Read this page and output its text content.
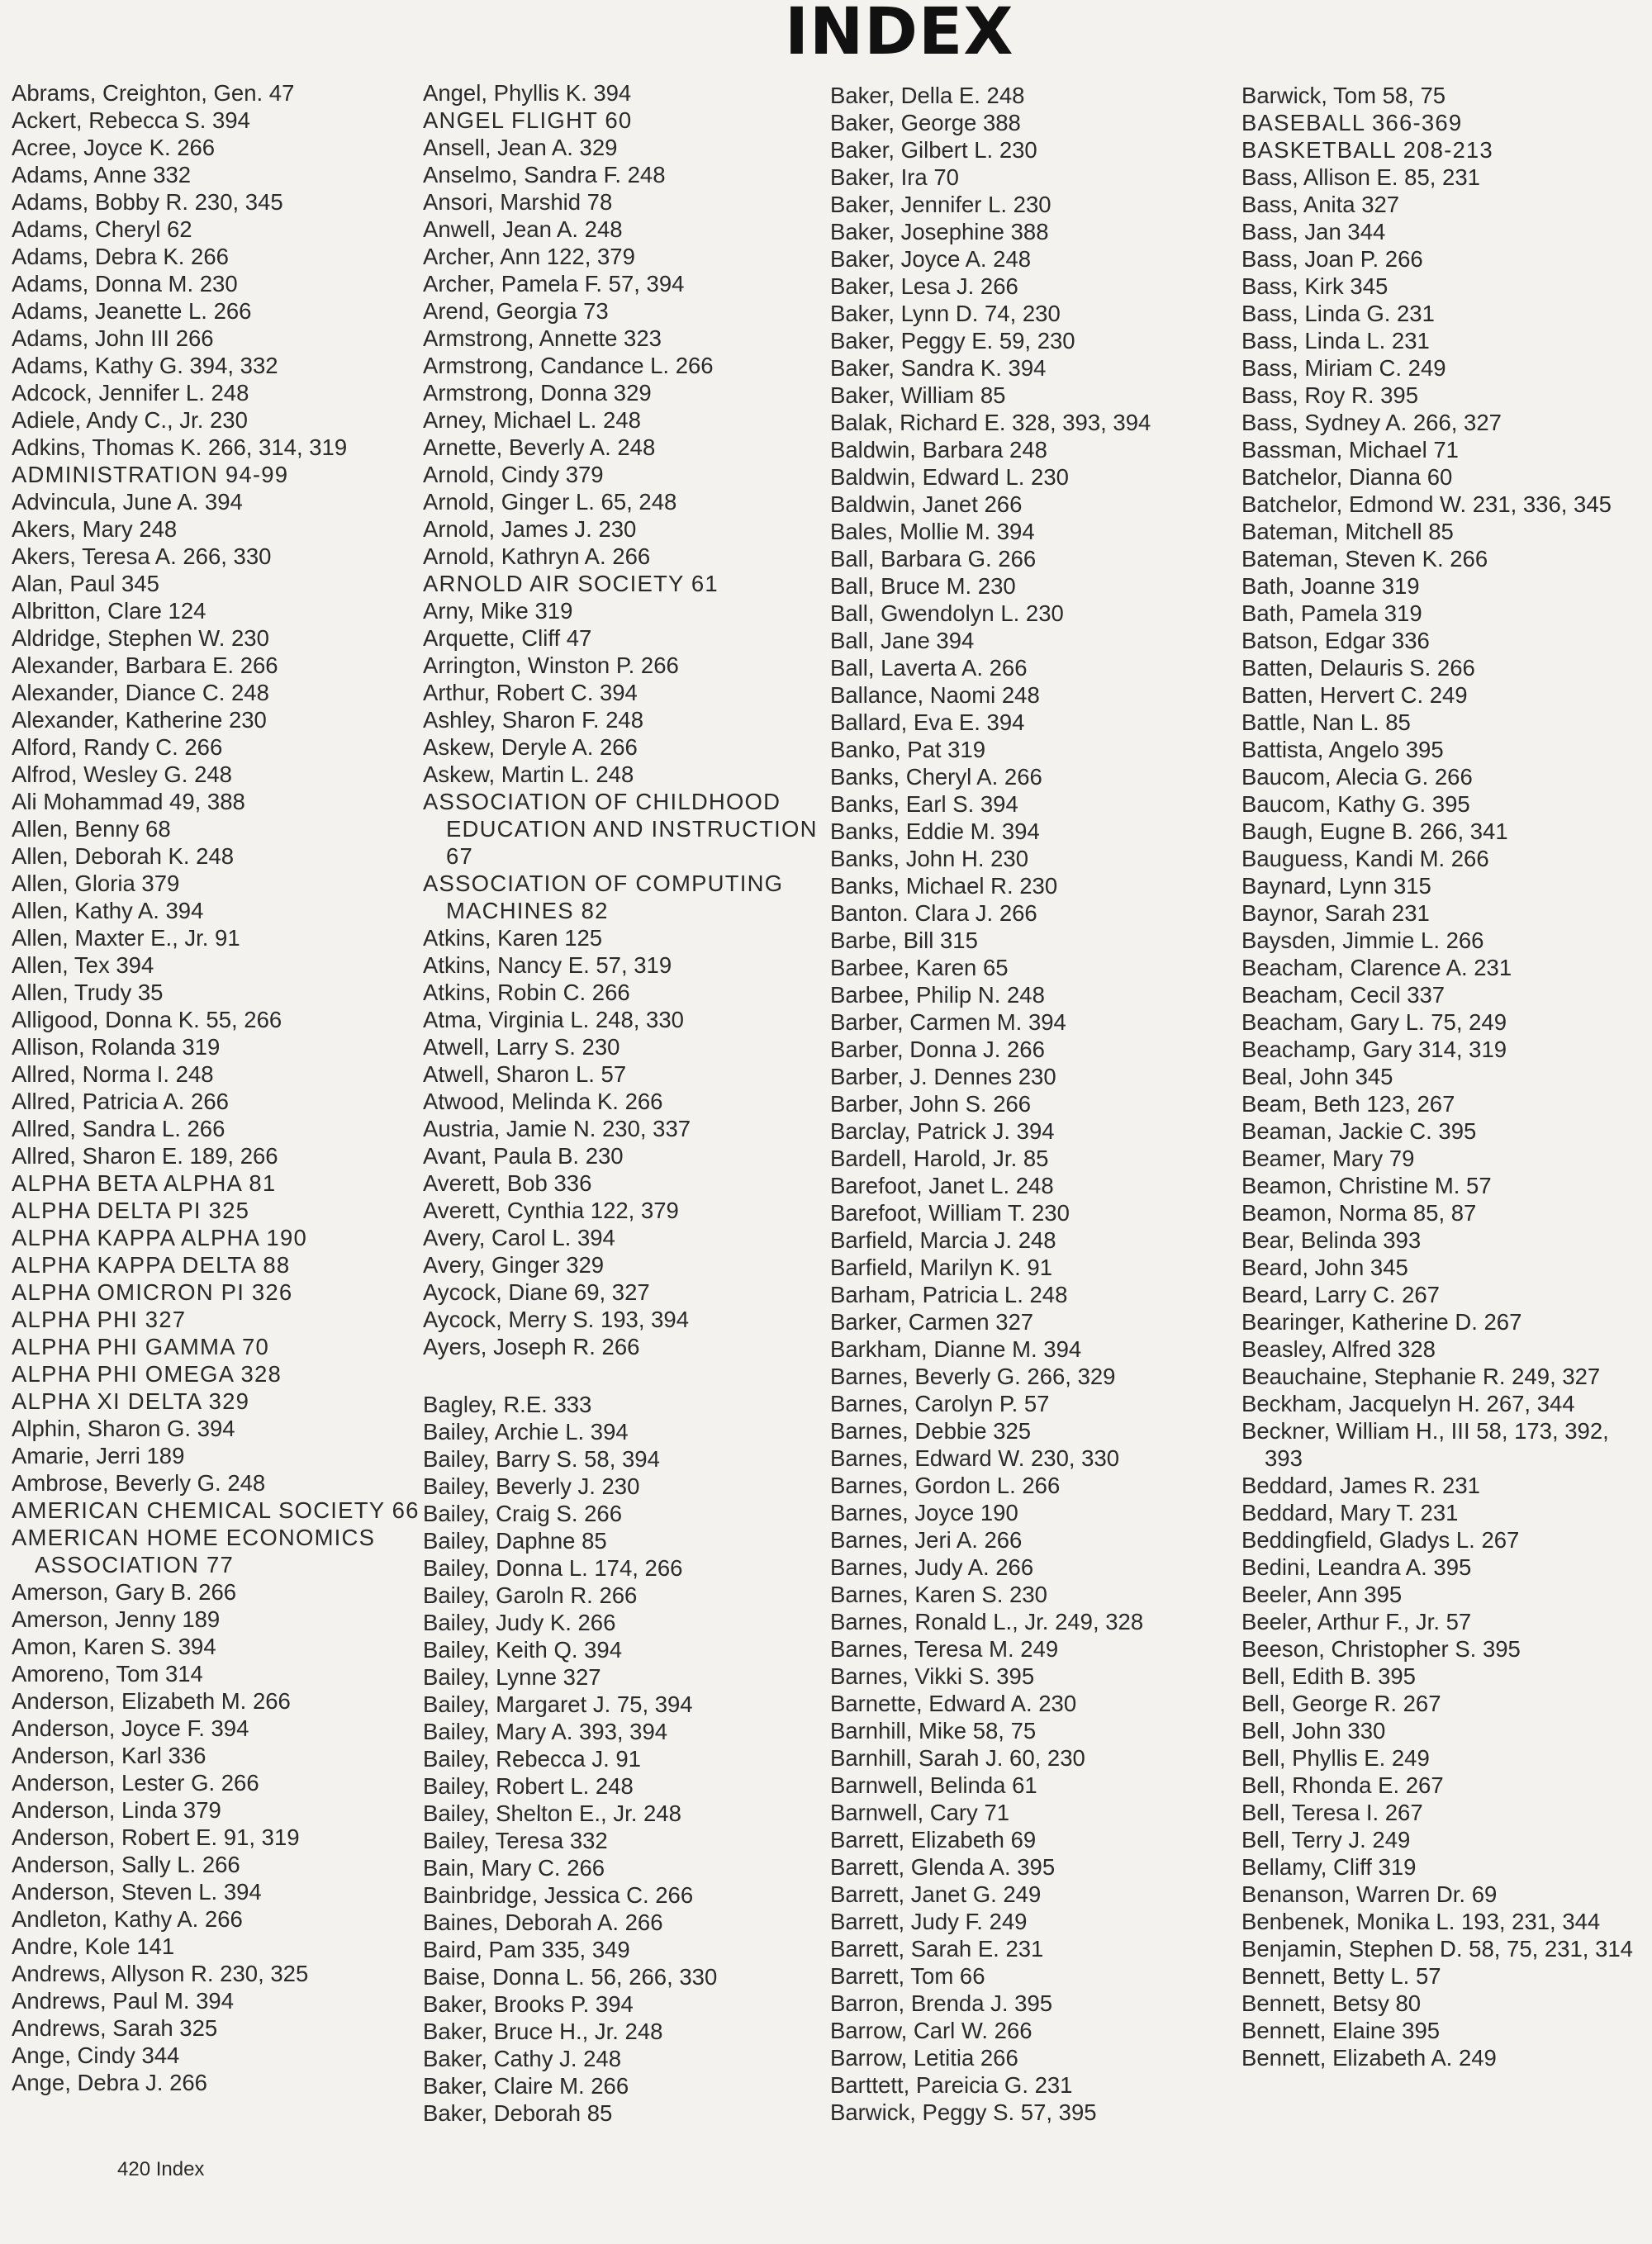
INDEX
Abrams, Creighton, Gen. 47
Ackert, Rebecca S. 394
Acree, Joyce K. 266
Adams, Anne 332
Adams, Bobby R. 230, 345
Adams, Cheryl 62
Adams, Debra K. 266
Adams, Donna M. 230
Adams, Jeanette L. 266
Adams, John III 266
Adams, Kathy G. 394, 332
Adcock, Jennifer L. 248
Adiele, Andy C., Jr. 230
Adkins, Thomas K. 266, 314, 319
ADMINISTRATION 94-99
Advincula, June A. 394
Akers, Mary 248
Akers, Teresa A. 266, 330
Alan, Paul 345
Albritton, Clare 124
Aldridge, Stephen W. 230
Alexander, Barbara E. 266
Alexander, Diance C. 248
Alexander, Katherine 230
Alford, Randy C. 266
Alfrod, Wesley G. 248
Ali Mohammad 49, 388
Allen, Benny 68
Allen, Deborah K. 248
Allen, Gloria 379
Allen, Kathy A. 394
Allen, Maxter E., Jr. 91
Allen, Tex 394
Allen, Trudy 35
Alligood, Donna K. 55, 266
Allison, Rolanda 319
Allred, Norma I. 248
Allred, Patricia A. 266
Allred, Sandra L. 266
Allred, Sharon E. 189, 266
ALPHA BETA ALPHA 81
ALPHA DELTA PI 325
ALPHA KAPPA ALPHA 190
ALPHA KAPPA DELTA 88
ALPHA OMICRON PI 326
ALPHA PHI 327
ALPHA PHI GAMMA 70
ALPHA PHI OMEGA 328
ALPHA XI DELTA 329
Alphin, Sharon G. 394
Amarie, Jerri 189
Ambrose, Beverly G. 248
AMERICAN CHEMICAL SOCIETY 66
AMERICAN HOME ECONOMICS ASSOCIATION 77
Amerson, Gary B. 266
Amerson, Jenny 189
Amon, Karen S. 394
Amoreno, Tom 314
Anderson, Elizabeth M. 266
Anderson, Joyce F. 394
Anderson, Karl 336
Anderson, Lester G. 266
Anderson, Linda 379
Anderson, Robert E. 91, 319
Anderson, Sally L. 266
Anderson, Steven L. 394
Andleton, Kathy A. 266
Andre, Kole 141
Andrews, Allyson R. 230, 325
Andrews, Paul M. 394
Andrews, Sarah 325
Ange, Cindy 344
Ange, Debra J. 266
Angel, Phyllis K. 394
ANGEL FLIGHT 60
Ansell, Jean A. 329
Anselmo, Sandra F. 248
Ansori, Marshid 78
Anwell, Jean A. 248
Archer, Ann 122, 379
Archer, Pamela F. 57, 394
Arend, Georgia 73
Armstrong, Annette 323
Armstrong, Candance L. 266
Armstrong, Donna 329
Arney, Michael L. 248
Arnette, Beverly A. 248
Arnold, Cindy 379
Arnold, Ginger L. 65, 248
Arnold, James J. 230
Arnold, Kathryn A. 266
ARNOLD AIR SOCIETY 61
Arny, Mike 319
Arquette, Cliff 47
Arrington, Winston P. 266
Arthur, Robert C. 394
Ashley, Sharon F. 248
Askew, Deryle A. 266
Askew, Martin L. 248
ASSOCIATION OF CHILDHOOD EDUCATION AND INSTRUCTION 67
ASSOCIATION OF COMPUTING MACHINES 82
Atkins, Karen 125
Atkins, Nancy E. 57, 319
Atkins, Robin C. 266
Atma, Virginia L. 248, 330
Atwell, Larry S. 230
Atwell, Sharon L. 57
Atwood, Melinda K. 266
Austria, Jamie N. 230, 337
Avant, Paula B. 230
Averett, Bob 336
Averett, Cynthia 122, 379
Avery, Carol L. 394
Avery, Ginger 329
Aycock, Diane 69, 327
Aycock, Merry S. 193, 394
Ayers, Joseph R. 266
Bagley, R.E. 333
Bailey, Archie L. 394
Bailey, Barry S. 58, 394
Bailey, Beverly J. 230
Bailey, Craig S. 266
Bailey, Daphne 85
Bailey, Donna L. 174, 266
Bailey, Garoln R. 266
Bailey, Judy K. 266
Bailey, Keith Q. 394
Bailey, Lynne 327
Bailey, Margaret J. 75, 394
Bailey, Mary A. 393, 394
Bailey, Rebecca J. 91
Bailey, Robert L. 248
Bailey, Shelton E., Jr. 248
Bailey, Teresa 332
Bain, Mary C. 266
Bainbridge, Jessica C. 266
Baines, Deborah A. 266
Baird, Pam 335, 349
Baise, Donna L. 56, 266, 330
Baker, Brooks P. 394
Baker, Bruce H., Jr. 248
Baker, Cathy J. 248
Baker, Claire M. 266
Baker, Deborah 85
Baker, Della E. 248
Baker, George 388
Baker, Gilbert L. 230
Baker, Ira 70
Baker, Jennifer L. 230
Baker, Josephine 388
Baker, Joyce A. 248
Baker, Lesa J. 266
Baker, Lynn D. 74, 230
Baker, Peggy E. 59, 230
Baker, Sandra K. 394
Baker, William 85
Balak, Richard E. 328, 393, 394
Baldwin, Barbara 248
Baldwin, Edward L. 230
Baldwin, Janet 266
Bales, Mollie M. 394
Ball, Barbara G. 266
Ball, Bruce M. 230
Ball, Gwendolyn L. 230
Ball, Jane 394
Ball, Laverta A. 266
Ballance, Naomi 248
Ballard, Eva E. 394
Banko, Pat 319
Banks, Cheryl A. 266
Banks, Earl S. 394
Banks, Eddie M. 394
Banks, John H. 230
Banks, Michael R. 230
Banton. Clara J. 266
Barbe, Bill 315
Barbee, Karen 65
Barbee, Philip N. 248
Barber, Carmen M. 394
Barber, Donna J. 266
Barber, J. Dennes 230
Barber, John S. 266
Barclay, Patrick J. 394
Bardell, Harold, Jr. 85
Barefoot, Janet L. 248
Barefoot, William T. 230
Barfield, Marcia J. 248
Barfield, Marilyn K. 91
Barham, Patricia L. 248
Barker, Carmen 327
Barkham, Dianne M. 394
Barnes, Beverly G. 266, 329
Barnes, Carolyn P. 57
Barnes, Debbie 325
Barnes, Edward W. 230, 330
Barnes, Gordon L. 266
Barnes, Joyce 190
Barnes, Jeri A. 266
Barnes, Judy A. 266
Barnes, Karen S. 230
Barnes, Ronald L., Jr. 249, 328
Barnes, Teresa M. 249
Barnes, Vikki S. 395
Barnette, Edward A. 230
Barnhill, Mike 58, 75
Barnhill, Sarah J. 60, 230
Barnwell, Belinda 61
Barnwell, Cary 71
Barrett, Elizabeth 69
Barrett, Glenda A. 395
Barrett, Janet G. 249
Barrett, Judy F. 249
Barrett, Sarah E. 231
Barrett, Tom 66
Barron, Brenda J. 395
Barrow, Carl W. 266
Barrow, Letitia 266
Barttett, Pareicia G. 231
Barwick, Peggy S. 57, 395
Barwick, Tom 58, 75
BASEBALL 366-369
BASKETBALL 208-213
Bass, Allison E. 85, 231
Bass, Anita 327
Bass, Jan 344
Bass, Joan P. 266
Bass, Kirk 345
Bass, Linda G. 231
Bass, Linda L. 231
Bass, Miriam C. 249
Bass, Roy R. 395
Bass, Sydney A. 266, 327
Bassman, Michael 71
Batchelor, Dianna 60
Batchelor, Edmond W. 231, 336, 345
Bateman, Mitchell 85
Bateman, Steven K. 266
Bath, Joanne 319
Bath, Pamela 319
Batson, Edgar 336
Batten, Delauris S. 266
Batten, Hervert C. 249
Battle, Nan L. 85
Battista, Angelo 395
Baucom, Alecia G. 266
Baucom, Kathy G. 395
Baugh, Eugne B. 266, 341
Bauguess, Kandi M. 266
Baynard, Lynn 315
Baynor, Sarah 231
Baysden, Jimmie L. 266
Beacham, Clarence A. 231
Beacham, Cecil 337
Beacham, Gary L. 75, 249
Beachamp, Gary 314, 319
Beal, John 345
Beam, Beth 123, 267
Beaman, Jackie C. 395
Beamer, Mary 79
Beamon, Christine M. 57
Beamon, Norma 85, 87
Bear, Belinda 393
Beard, John 345
Beard, Larry C. 267
Bearinger, Katherine D. 267
Beasley, Alfred 328
Beauchaine, Stephanie R. 249, 327
Beckham, Jacquelyn H. 267, 344
Beckner, William H., III 58, 173, 392, 393
Beddard, James R. 231
Beddard, Mary T. 231
Beddingfield, Gladys L. 267
Bedini, Leandra A. 395
Beeler, Ann 395
Beeler, Arthur F., Jr. 57
Beeson, Christopher S. 395
Bell, Edith B. 395
Bell, George R. 267
Bell, John 330
Bell, Phyllis E. 249
Bell, Rhonda E. 267
Bell, Teresa I. 267
Bell, Terry J. 249
Bellamy, Cliff 319
Benanson, Warren Dr. 69
Benbenek, Monika L. 193, 231, 344
Benjamin, Stephen D. 58, 75, 231, 314
Bennett, Betty L. 57
Bennett, Betsy 80
Bennett, Elaine 395
Bennett, Elizabeth A. 249
420 Index
